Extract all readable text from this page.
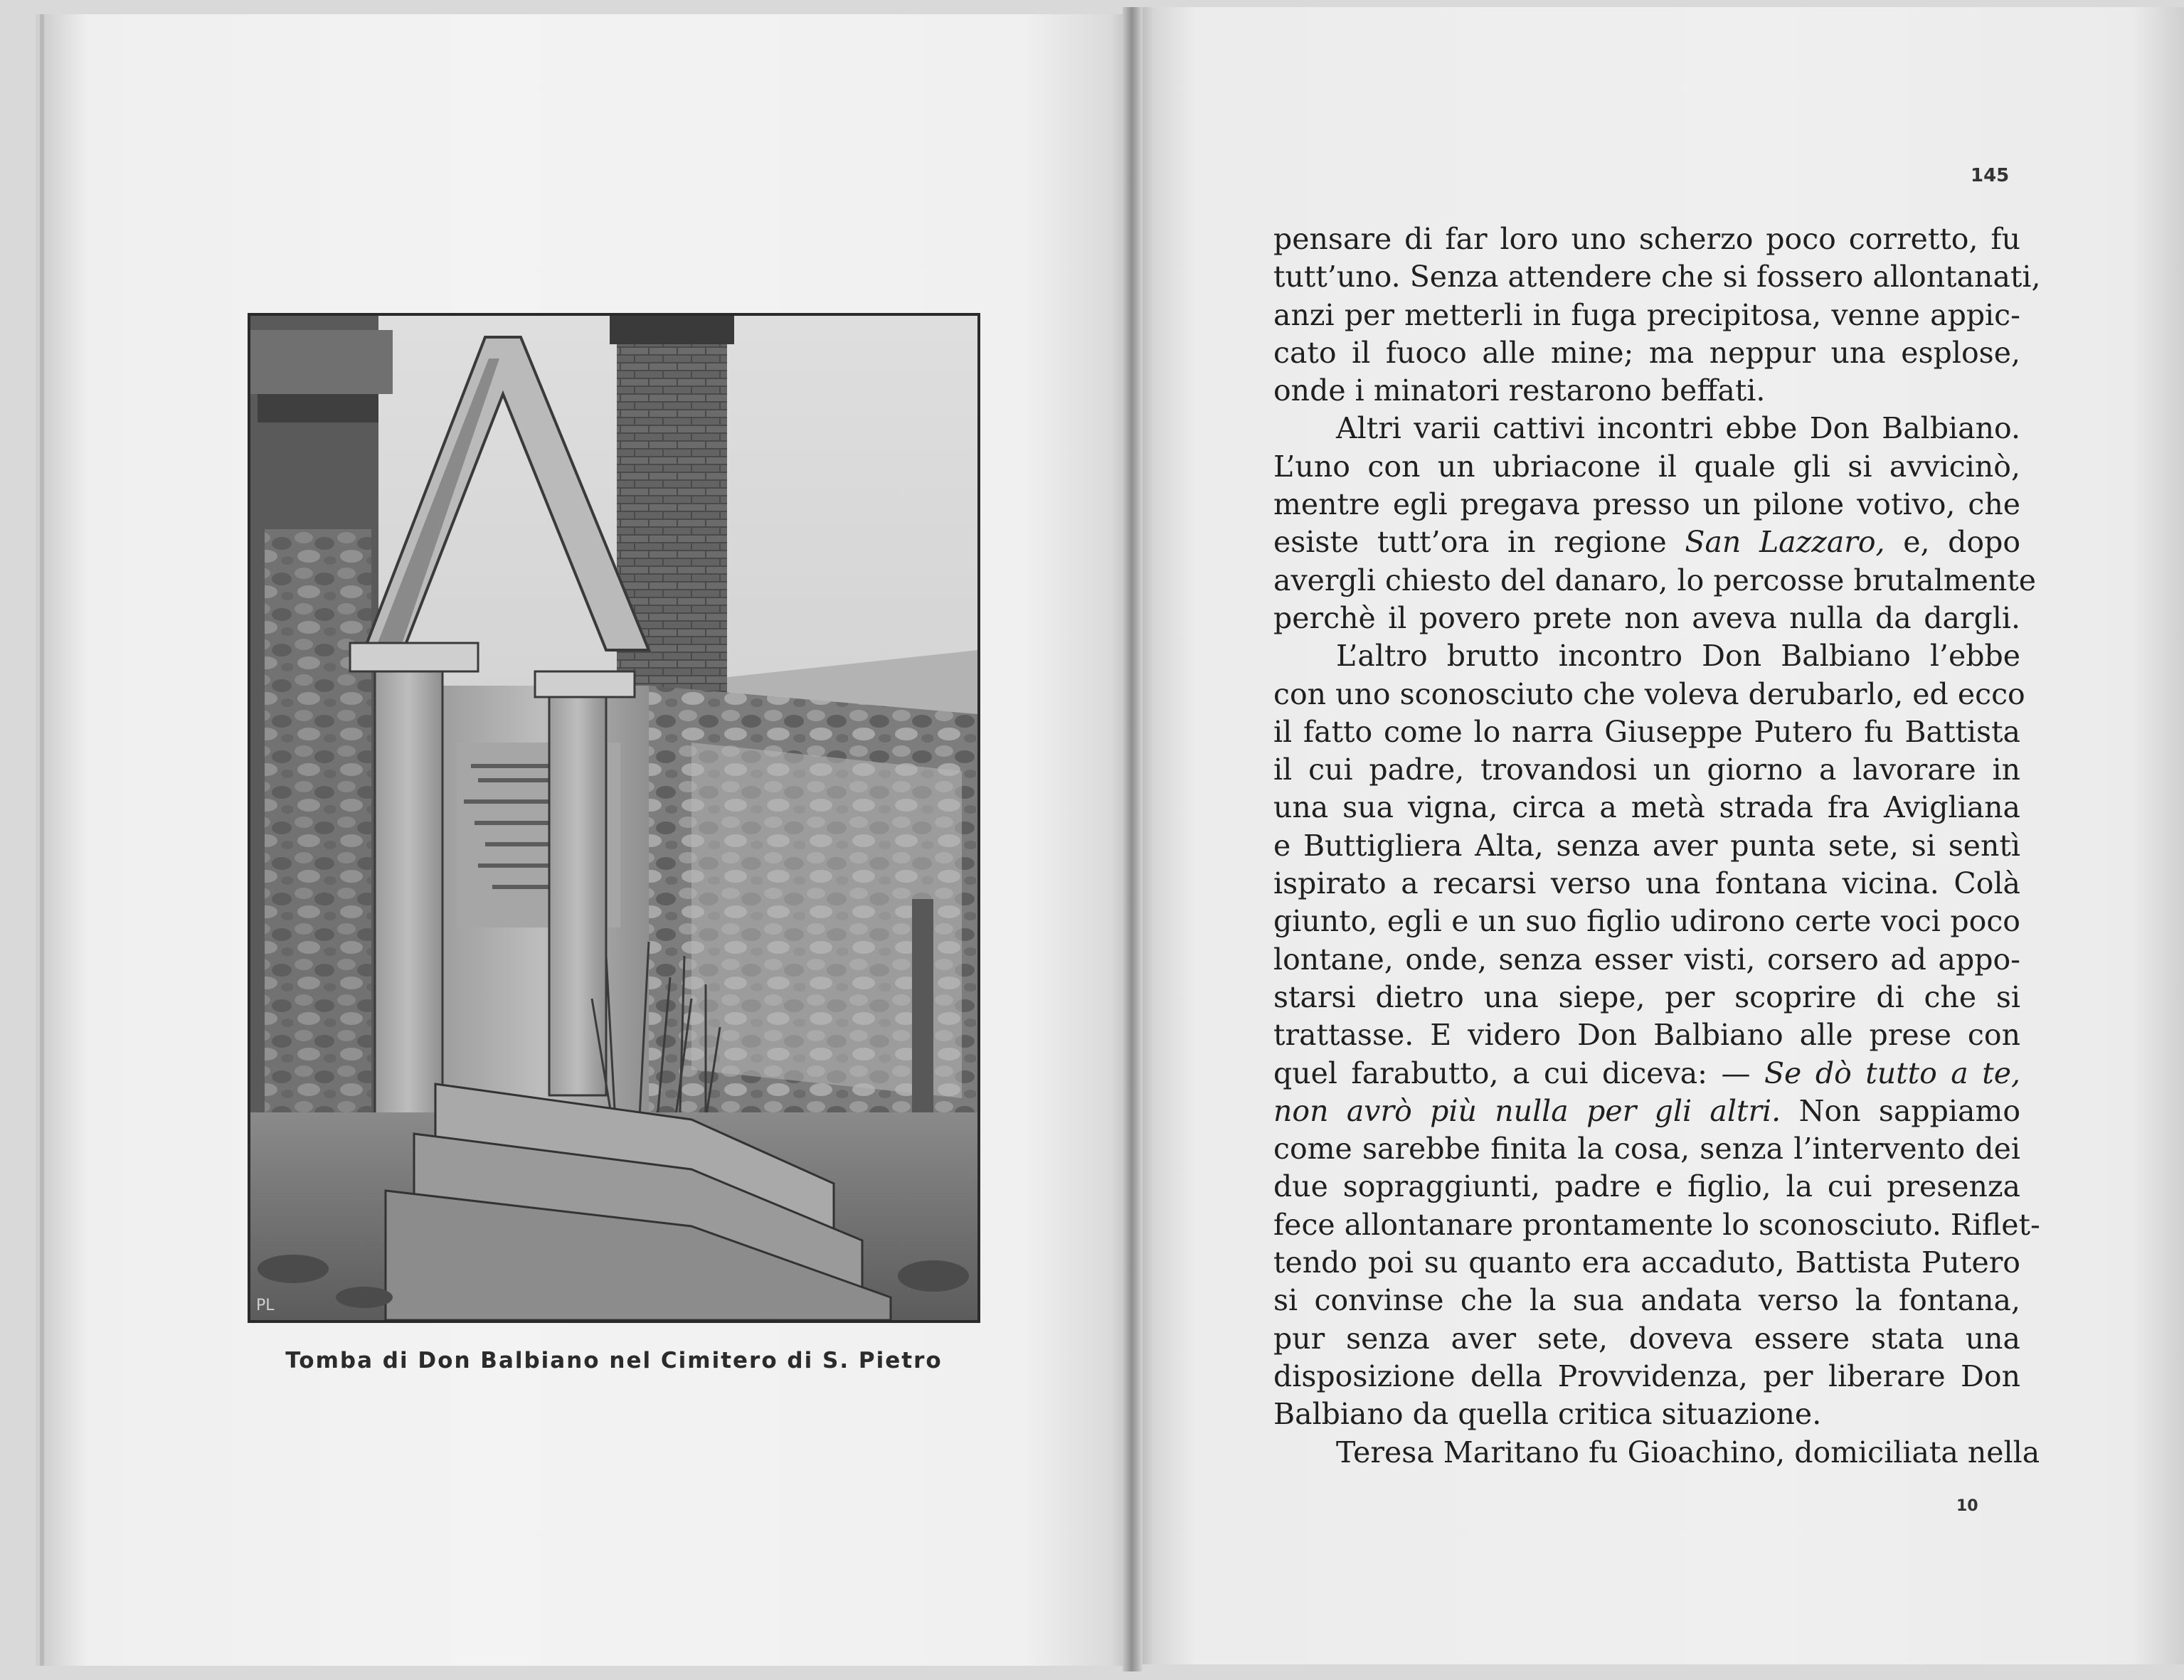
PL
Tomba di Don Balbiano nel Cimitero di S. Pietro
145
pensare di far loro uno scherzo poco corretto, fu
tutt’uno. Senza attendere che si fossero allontanati,
anzi per metterli in fuga precipitosa, venne appic-
cato il fuoco alle mine; ma neppur una esplose,
onde i minatori restarono beffati.
Altri varii cattivi incontri ebbe Don Balbiano.
L’uno con un ubriacone il quale gli si avvicinò,
mentre egli pregava presso un pilone votivo, che
esiste tutt’ora in regione San Lazzaro, e, dopo
avergli chiesto del danaro, lo percosse brutalmente
perchè il povero prete non aveva nulla da dargli.
L’altro brutto incontro Don Balbiano l’ebbe
con uno sconosciuto che voleva derubarlo, ed ecco
il fatto come lo narra Giuseppe Putero fu Battista
il cui padre, trovandosi un giorno a lavorare in
una sua vigna, circa a metà strada fra Avigliana
e Buttigliera Alta, senza aver punta sete, si sentì
ispirato a recarsi verso una fontana vicina. Colà
giunto, egli e un suo figlio udirono certe voci poco
lontane, onde, senza esser visti, corsero ad appo-
starsi dietro una siepe, per scoprire di che si
trattasse. E videro Don Balbiano alle prese con
quel farabutto, a cui diceva: — Se dò tutto a te,
non avrò più nulla per gli altri. Non sappiamo
come sarebbe finita la cosa, senza l’intervento dei
due sopraggiunti, padre e figlio, la cui presenza
fece allontanare prontamente lo sconosciuto. Riflet-
tendo poi su quanto era accaduto, Battista Putero
si convinse che la sua andata verso la fontana,
pur senza aver sete, doveva essere stata una
disposizione della Provvidenza, per liberare Don
Balbiano da quella critica situazione.
Teresa Maritano fu Gioachino, domiciliata nella
10
